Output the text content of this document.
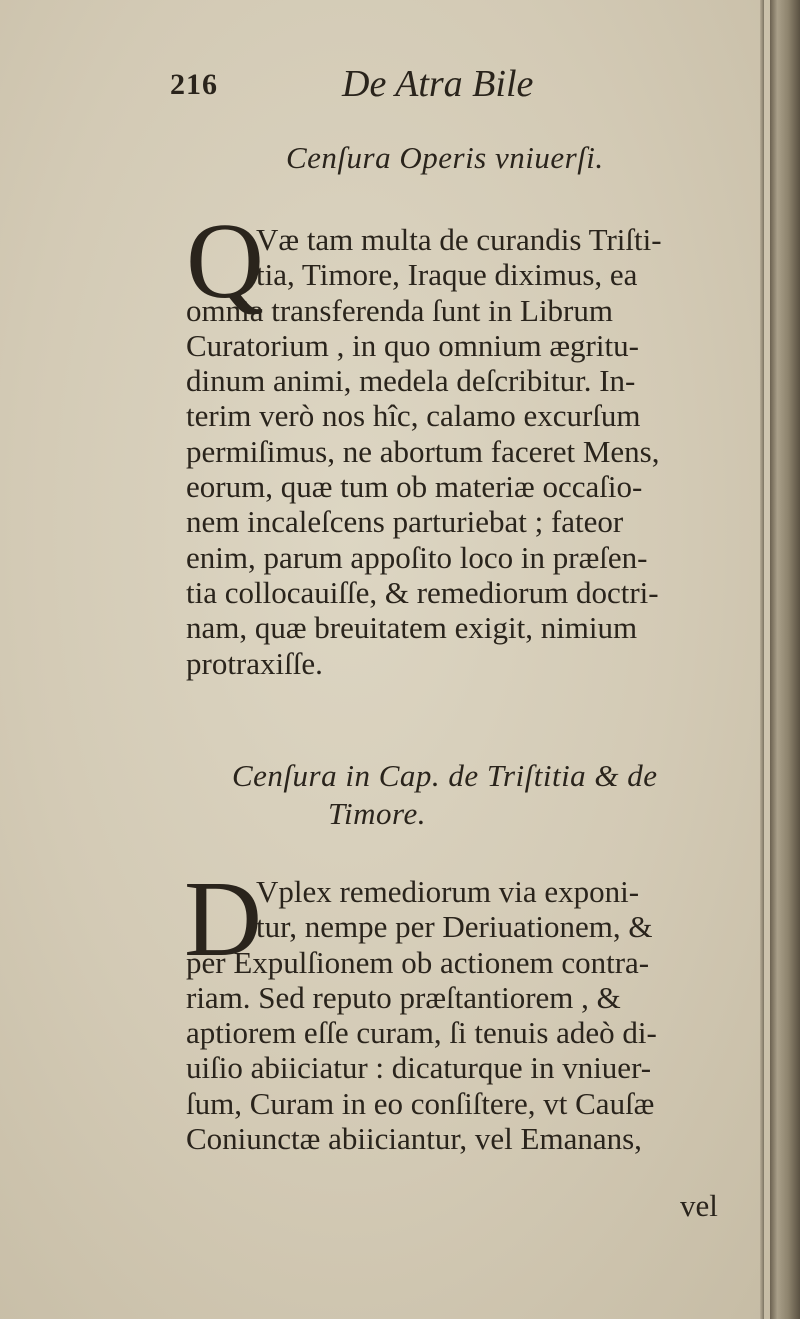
216	De Atra Bile
Cenſura Operis vniuerſi.
Q
Væ tam multa de curandis Triſti-
tia, Timore, Iraque diximus, ea
omnia transferenda ſunt in Librum
Curatorium , in quo omnium ægritu-
dinum animi, medela deſcribitur. In-
terim verò nos hîc, calamo excurſum
permiſimus, ne abortum faceret Mens,
eorum, quæ tum ob materiæ occaſio-
nem incaleſcens parturiebat ; fateor
enim, parum appoſito loco in præſen-
tia collocauiſſe, & remediorum doctri-
nam, quæ breuitatem exigit, nimium
protraxiſſe.
Cenſura in Cap. de Triſtitia & de
Timore.
D
Vplex remediorum via exponi-
tur, nempe per Deriuationem, &
per Expulſionem ob actionem contra-
riam. Sed reputo præſtantiorem , &
aptiorem eſſe curam, ſi tenuis adeò di-
uiſio abiiciatur : dicaturque in vniuer-
ſum, Curam in eo conſiſtere, vt Cauſæ
Coniunctæ abiiciantur, vel Emanans,
vel
